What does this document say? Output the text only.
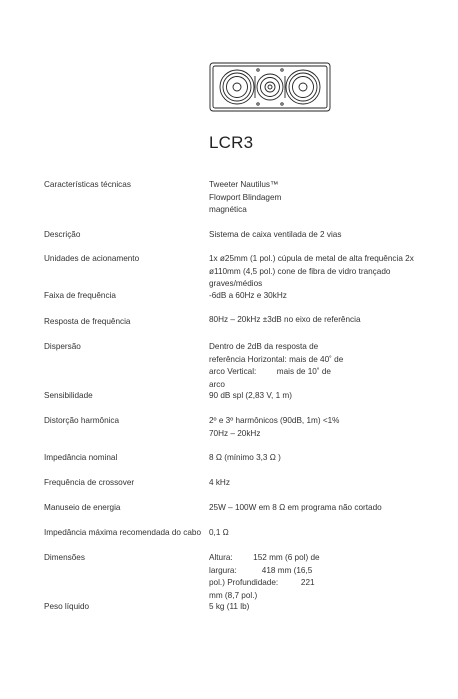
LCR3
Características técnicas	Tweeter Nautilus™
Flowport Blindagem
magnética
Descrição	Sistema de caixa ventilada de 2 vias
Unidades de acionamento	1x ø25mm (1 pol.) cúpula de metal de alta frequência 2x
ø110mm (4,5 pol.) cone de fibra de vidro trançado
graves/médios
Faixa de frequência	-6dB a 60Hz e 30kHz
Resposta de frequência	80Hz – 20kHz ±3dB no eixo de referência
Dispersão	Dentro de 2dB da resposta de
referência Horizontal: mais de 40˚ de
arco Vertical:         mais de 10˚ de
arco
Sensibilidade	90 dB spl (2,83 V, 1 m)
Distorção harmônica	2º e 3º harmônicos (90dB, 1m) <1%
70Hz – 20kHz
Impedância nominal	8 Ω (mínimo 3,3 Ω )
Frequência de crossover	4 kHz
Manuseio de energia	25W – 100W em 8 Ω em programa não cortado
Impedância máxima recomendada do cabo 0,1 Ω
Dimensões	Altura:         152 mm (6 pol) de
largura:           418 mm (16,5
pol.) Profundidade:          221
mm (8,7 pol.)
Peso líquido	5 kg (11 lb)
